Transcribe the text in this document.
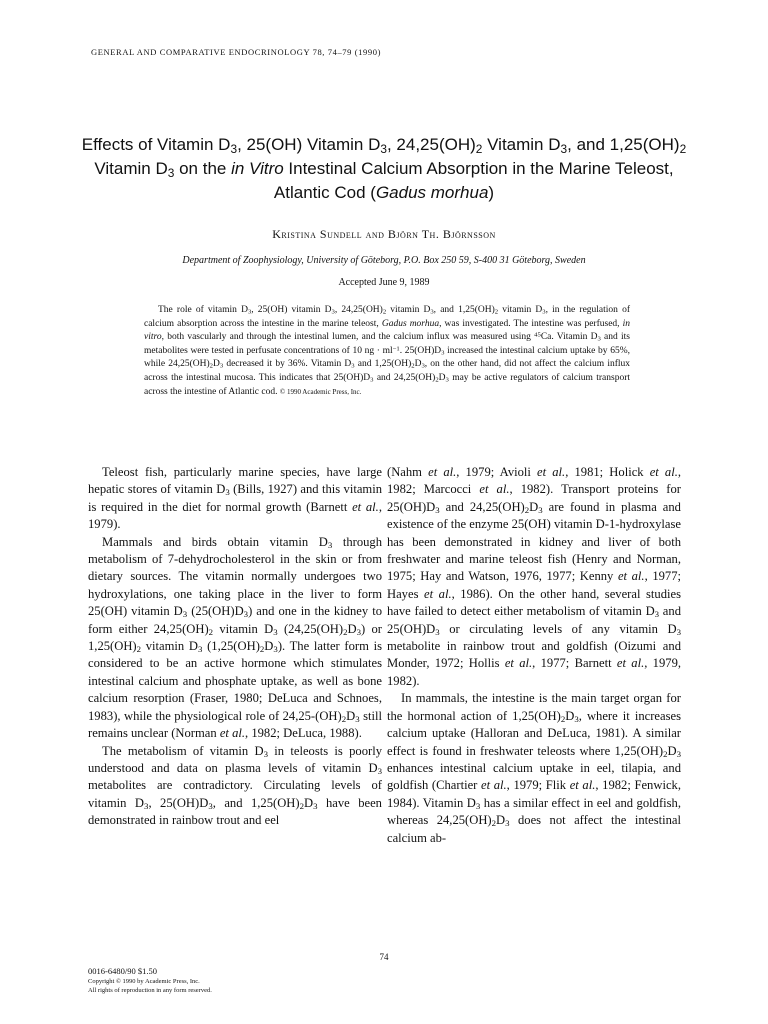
GENERAL AND COMPARATIVE ENDOCRINOLOGY 78, 74–79 (1990)
Effects of Vitamin $D_3$, 25(OH) Vitamin $D_3$, $24,25(OH)_2$ Vitamin $D_3$, and $1,25(OH)_2$ Vitamin $D_3$ on the in Vitro Intestinal Calcium Absorption in the Marine Teleost, Atlantic Cod (Gadus morhua)
Kristina Sundell and Björn Th. Björnsson
Department of Zoophysiology, University of Göteborg, P.O. Box 250 59, S-400 31 Göteborg, Sweden
Accepted June 9, 1989

The role of vitamin $D_3$, 25(OH) vitamin $D_3$, $24,25(OH)_2$ vitamin $D_3$, and $1,25(OH)_2$ vitamin $D_3$, in the regulation of calcium absorption across the intestine in the marine teleost, Gadus morhua, was investigated. The intestine was perfused, in vitro, both vascularly and through the intestinal lumen, and the calcium influx was measured using $^{45}$Ca. Vitamin $D_3$ and its metabolites were tested in perfusate concentrations of 10 ng · $ml^{-1}$. $25(OH)D_3$ increased the intestinal calcium uptake by 65%, while $24,25(OH)_2D_3$ decreased it by 36%. Vitamin $D_3$ and $1,25(OH)_2D_3$, on the other hand, did not affect the calcium influx across the intestinal mucosa. This indicates that $25(OH)D_3$ and $24,25(OH)_2D_3$ may be active regulators of calcium transport across the intestine of Atlantic cod. © 1990 Academic Press, Inc.

Teleost fish, particularly marine species, have large hepatic stores of vitamin $D_3$ (Bills, 1927) and this vitamin is required in the diet for normal growth (Barnett et al., 1979).

Mammals and birds obtain vitamin $D_3$ through metabolism of 7-dehydrocholesterol in the skin or from dietary sources. The vitamin normally undergoes two hydroxylations, one taking place in the liver to form 25(OH) vitamin $D_3$ $(25(OH)D_3)$ and one in the kidney to form either $24,25(OH)_2$ vitamin $D_3$ $(24,25(OH)_2D_3)$ or $1,25(OH)_2$ vitamin $D_3$ $(1,25(OH)_2D_3)$. The latter form is considered to be an active hormone which stimulates intestinal calcium and phosphate uptake, as well as bone calcium resorption (Fraser, 1980; DeLuca and Schnoes, 1983), while the physiological role of $24,25-(OH)_2D_3$ still remains unclear (Norman et al., 1982; DeLuca, 1988).

The metabolism of vitamin $D_3$ in teleosts is poorly understood and data on plasma levels of vitamin $D_3$ metabolites are contradictory. Circulating levels of vitamin $D_3$, $25(OH)D_3$, and $1,25(OH)_2D_3$ have been demonstrated in rainbow trout and eel

(Nahm et al., 1979; Avioli et al., 1981; Holick et al., 1982; Marcocci et al., 1982). Transport proteins for $25(OH)D_3$ and $24,25(OH)_2D_3$ are found in plasma and existence of the enzyme 25(OH) vitamin D-1-hydroxylase has been demonstrated in kidney and liver of both freshwater and marine teleost fish (Henry and Norman, 1975; Hay and Watson, 1976, 1977; Kenny et al., 1977; Hayes et al., 1986). On the other hand, several studies have failed to detect either metabolism of vitamin $D_3$ and $25(OH)D_3$ or circulating levels of any vitamin $D_3$ metabolite in rainbow trout and goldfish (Oizumi and Monder, 1972; Hollis et al., 1977; Barnett et al., 1979, 1982).

In mammals, the intestine is the main target organ for the hormonal action of $1,25(OH)_2D_3$, where it increases calcium uptake (Halloran and DeLuca, 1981). A similar effect is found in freshwater teleosts where $1,25(OH)_2D_3$ enhances intestinal calcium uptake in eel, tilapia, and goldfish (Chartier et al., 1979; Flik et al., 1982; Fenwick, 1984). Vitamin $D_3$ has a similar effect in eel and goldfish, whereas $24,25(OH)_2D_3$ does not affect the intestinal calcium ab-

74
0016-6480/90 $1.50
Copyright © 1990 by Academic Press, Inc.
All rights of reproduction in any form reserved.
